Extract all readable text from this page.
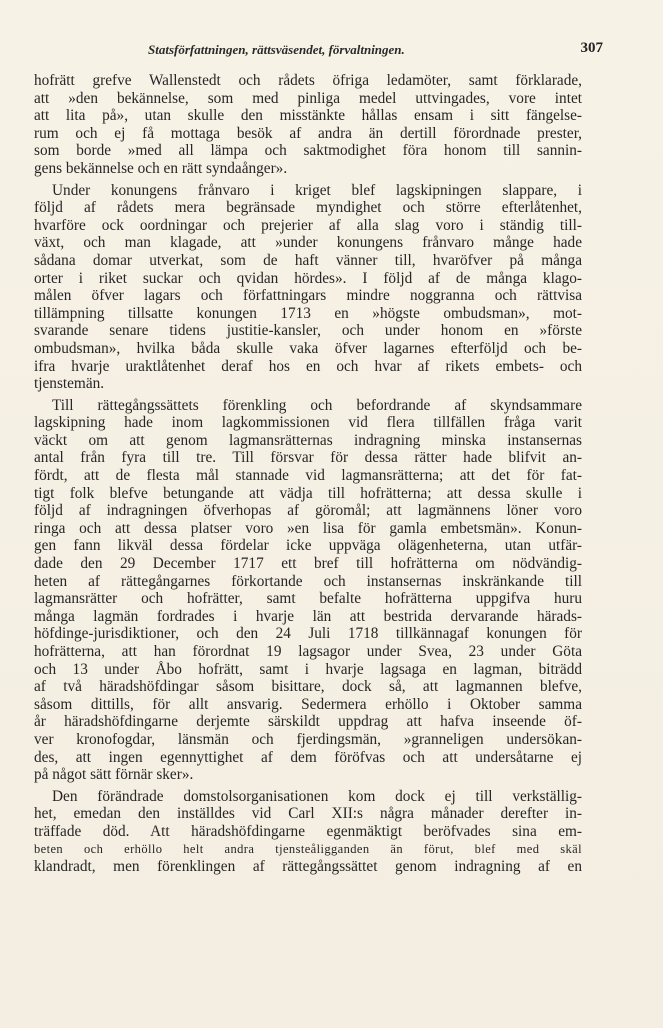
Statsförfattningen, rättsväsendet, förvaltningen.	307
hofrätt grefve Wallenstedt och rådets öfriga ledamöter, samt förklarade,
att »den bekännelse, som med pinliga medel uttvingades, vore intet
att lita på», utan skulle den misstänkte hållas ensam i sitt fängelse-
rum och ej få mottaga besök af andra än dertill förordnade prester,
som borde »med all lämpa och saktmodighet föra honom till sannin-
gens bekännelse och en rätt syndaånger».
Under konungens frånvaro i kriget blef lagskipningen slappare, i
följd af rådets mera begränsade myndighet och större efterlåtenhet,
hvarföre ock oordningar och prejerier af alla slag voro i ständig till-
växt, och man klagade, att »under konungens frånvaro månge hade
sådana domar utverkat, som de haft vänner till, hvaröfver på många
orter i riket suckar och qvidan hördes». I följd af de många klago-
målen öfver lagars och författningars mindre noggranna och rättvisa
tillämpning tillsatte konungen 1713 en »högste ombudsman», mot-
svarande senare tidens justitie-kansler, och under honom en »förste
ombudsman», hvilka båda skulle vaka öfver lagarnes efterföljd och be-
ifra hvarje uraktlåtenhet deraf hos en och hvar af rikets embets- och
tjenstemän.
Till rättegångssättets förenkling och befordrande af skyndsammare
lagskipning hade inom lagkommissionen vid flera tillfällen fråga varit
väckt om att genom lagmansrätternas indragning minska instansernas
antal från fyra till tre. Till försvar för dessa rätter hade blifvit an-
fördt, att de flesta mål stannade vid lagmansrätterna; att det för fat-
tigt folk blefve betungande att vädja till hofrätterna; att dessa skulle i
följd af indragningen öfverhopas af göromål; att lagmännens löner voro
ringa och att dessa platser voro »en lisa för gamla embetsmän». Konun-
gen fann likväl dessa fördelar icke uppväga olägenheterna, utan utfär-
dade den 29 December 1717 ett bref till hofrätterna om nödvändig-
heten af rättegångarnes förkortande och instansernas inskränkande till
lagmansrätter och hofrätter, samt befalte hofrätterna uppgifva huru
många lagmän fordrades i hvarje län att bestrida dervarande härads-
höfdinge-jurisdiktioner, och den 24 Juli 1718 tillkännagaf konungen för
hofrätterna, att han förordnat 19 lagsagor under Svea, 23 under Göta
och 13 under Åbo hofrätt, samt i hvarje lagsaga en lagman, biträdd
af två häradshöfdingar såsom bisittare, dock så, att lagmannen blefve,
såsom dittills, för allt ansvarig. Sedermera erhöllo i Oktober samma
år häradshöfdingarne derjemte särskildt uppdrag att hafva inseende öf-
ver kronofogdar, länsmän och fjerdingsmän, »granneligen undersökan-
des, att ingen egennyttighet af dem föröfvas och att undersåtarne ej
på något sätt förnär sker».
Den förändrade domstolsorganisationen kom dock ej till verkställig-
het, emedan den inställdes vid Carl XII:s några månader derefter in-
träffade död. Att häradshöfdingarne egenmäktigt beröfvades sina em-
beten och erhöllo helt andra tjensteåligganden än förut, blef med skäl
klandradt, men förenklingen af rättegångssättet genom indragning af en
